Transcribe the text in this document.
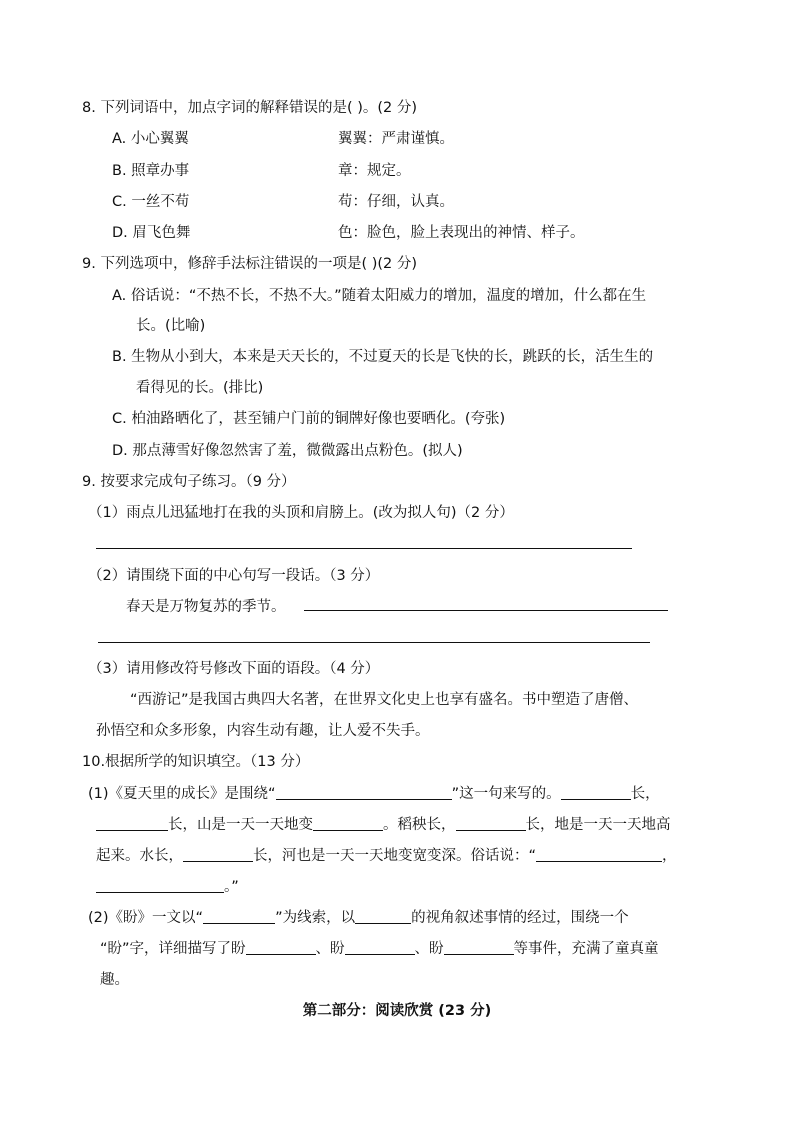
8. 下列词语中，加点字词的解释错误的是( )。(2 分)
A. 小心翼翼	翼翼：严肃谨慎。
B. 照章办事	章：规定。
C. 一丝不苟	苟：仔细，认真。
D. 眉飞色舞	色：脸色，脸上表现出的神情、样子。
9. 下列选项中，修辞手法标注错误的一项是( )(2 分)
A. 俗话说：“不热不长，不热不大。”随着太阳威力的增加，温度的增加，什么都在生
长。(比喻)
B. 生物从小到大，本来是天天长的，不过夏天的长是飞快的长，跳跃的长，活生生的
看得见的长。(排比)
C. 柏油路晒化了，甚至铺户门前的铜牌好像也要晒化。(夸张)
D. 那点薄雪好像忽然害了羞，微微露出点粉色。(拟人)
9. 按要求完成句子练习。（9 分）
（1）雨点儿迅猛地打在我的头顶和肩膀上。(改为拟人句)（2 分）
（2）请围绕下面的中心句写一段话。（3 分）
春天是万物复苏的季节。
（3）请用修改符号修改下面的语段。（4 分）
“西游记”是我国古典四大名著，在世界文化史上也享有盛名。书中塑造了唐僧、
孙悟空和众多形象，内容生动有趣，让人爱不失手。
10.根据所学的知识填空。（13 分）
(1)《夏天里的成长》是围绕“	”这一句来写的。	长，
长，山是一天一天地变	。稻秧长，	长，地是一天一天地高
起来。水长，	长，河也是一天一天地变宽变深。俗话说：“	，
。”
(2)《盼》一文以“	”为线索，以	的视角叙述事情的经过，围绕一个
“盼”字，详细描写了盼	、盼	、盼	等事件，充满了童真童
趣。
第二部分：阅读欣赏 (23 分)
